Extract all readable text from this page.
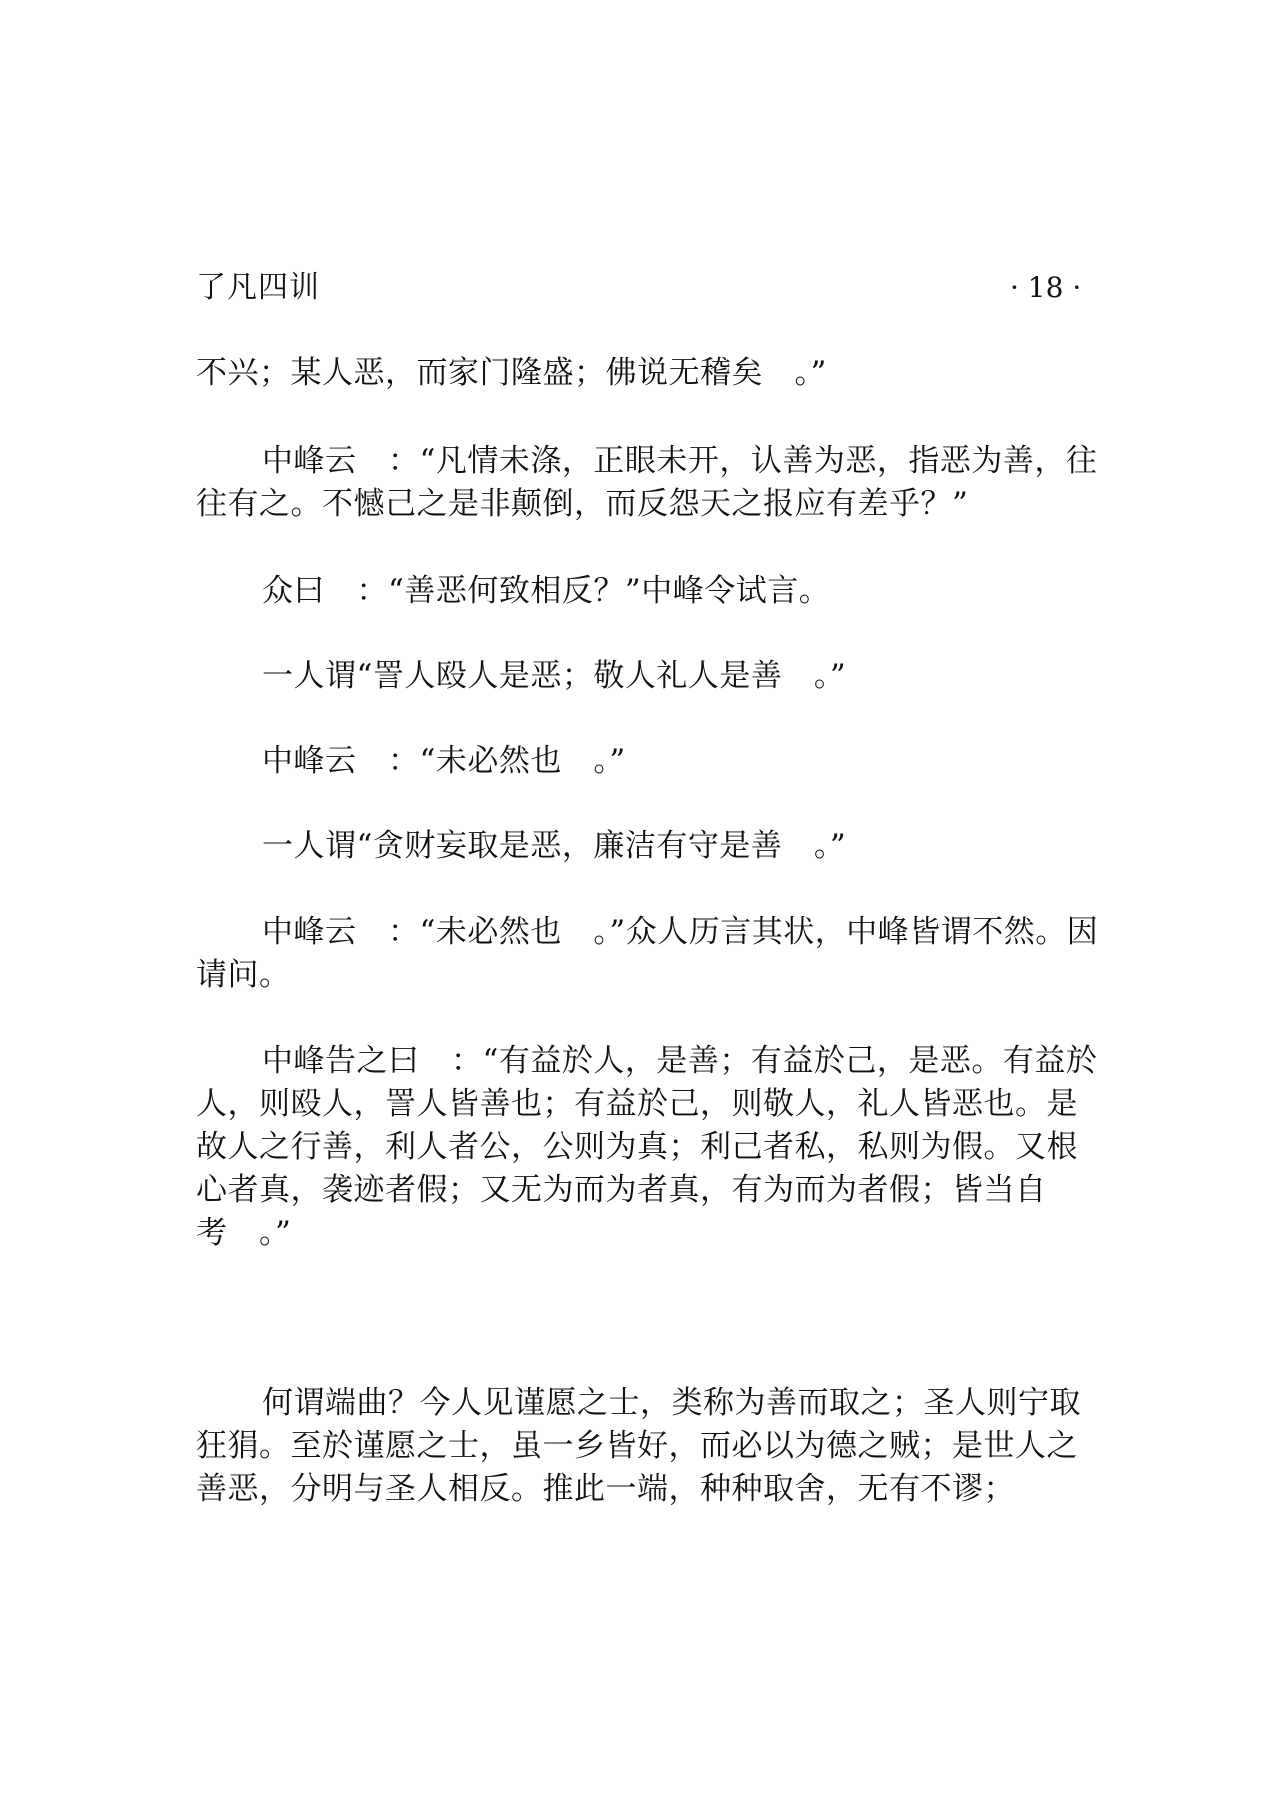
了凡四训	· 18 ·

不兴；某人恶，而家门隆盛；佛说无稽矣　。”

中峰云　：“凡情未涤，正眼未开，认善为恶，指恶为善，往往有之。不憾己之是非颠倒，而反怨天之报应有差乎？”

众曰　：“善恶何致相反？”中峰令试言。

一人谓“詈人殴人是恶；敬人礼人是善　。”

中峰云　：“未必然也　。”

一人谓“贪财妄取是恶，廉洁有守是善　。”

中峰云　：“未必然也　。”众人历言其状，中峰皆谓不然。因请问。

中峰告之曰　：“有益於人，是善；有益於己，是恶。有益於人，则殴人，詈人皆善也；有益於己，则敬人，礼人皆恶也。是故人之行善，利人者公，公则为真；利己者私，私则为假。又根心者真，袭迹者假；又无为而为者真，有为而为者假；皆当自考　。”

何谓端曲？今人见谨愿之士，类称为善而取之；圣人则宁取狂狷。至於谨愿之士，虽一乡皆好，而必以为德之贼；是世人之善恶，分明与圣人相反。推此一端，种种取舍，无有不谬；
